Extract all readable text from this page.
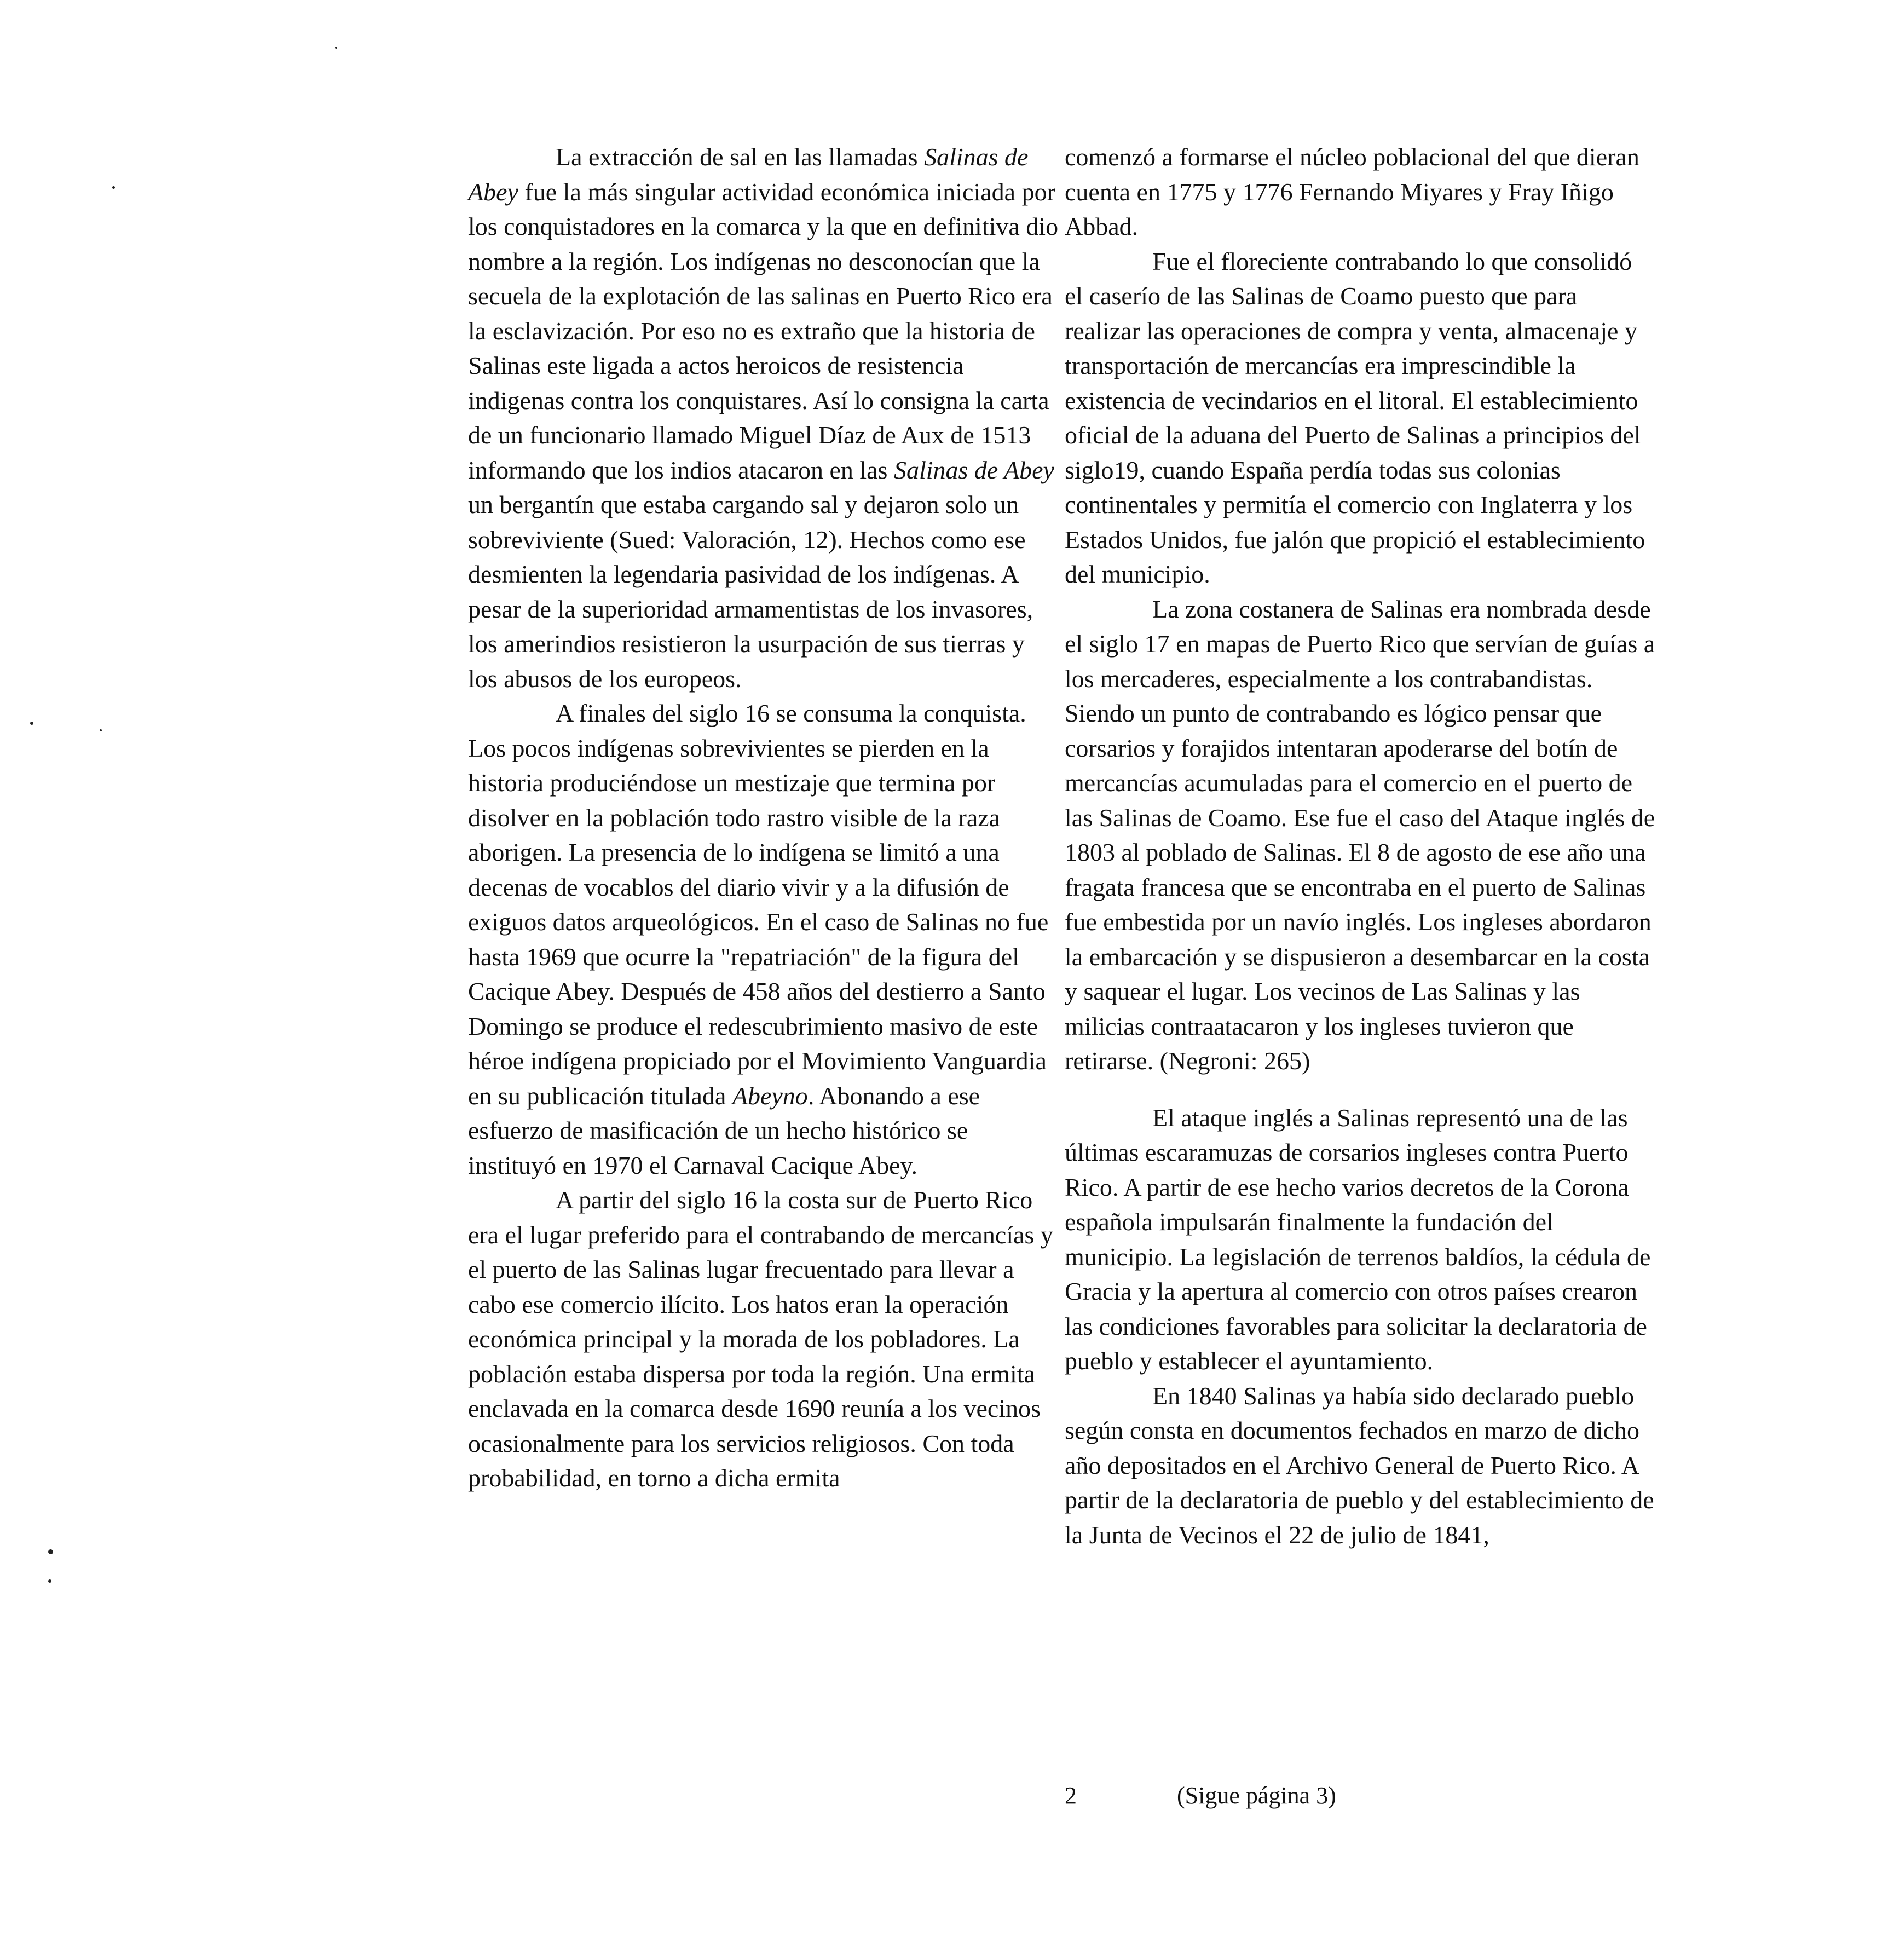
La extracción de sal en las llamadas Salinas de Abey fue la más singular actividad económica iniciada por los conquistadores en la comarca y la que en definitiva dio nombre a la región. Los indígenas no desconocían que la secuela de la explotación de las salinas en Puerto Rico era la esclavización. Por eso no es extraño que la historia de Salinas este ligada a actos heroicos de resistencia indigenas contra los conquistares. Así lo consigna la carta de un funcionario llamado Miguel Díaz de Aux de 1513 informando que los indios atacaron en las Salinas de Abey un bergantín que estaba cargando sal y dejaron solo un sobreviviente (Sued: Valoración, 12). Hechos como ese desmienten la legendaria pasividad de los indígenas. A pesar de la superioridad armamentistas de los invasores, los amerindios resistieron la usurpación de sus tierras y los abusos de los europeos.

A finales del siglo 16 se consuma la conquista. Los pocos indígenas sobrevivientes se pierden en la historia produciéndose un mestizaje que termina por disolver en la población todo rastro visible de la raza aborigen. La presencia de lo indígena se limitó a una decenas de vocablos del diario vivir y a la difusión de exiguos datos arqueológicos. En el caso de Salinas no fue hasta 1969 que ocurre la "repatriación" de la figura del Cacique Abey. Después de 458 años del destierro a Santo Domingo se produce el redescubrimiento masivo de este héroe indígena propiciado por el Movimiento Vanguardia en su publicación titulada Abeyno. Abonando a ese esfuerzo de masificación de un hecho histórico se instituyó en 1970 el Carnaval Cacique Abey.

A partir del siglo 16 la costa sur de Puerto Rico era el lugar preferido para el contrabando de mercancías y el puerto de las Salinas lugar frecuentado para llevar a cabo ese comercio ilícito. Los hatos eran la operación económica principal y la morada de los pobladores. La población estaba dispersa por toda la región. Una ermita enclavada en la comarca desde 1690 reunía a los vecinos ocasionalmente para los servicios religiosos. Con toda probabilidad, en torno a dicha ermita

comenzó a formarse el núcleo poblacional del que dieran cuenta en 1775 y 1776 Fernando Miyares y Fray Iñigo Abbad.

Fue el floreciente contrabando lo que consolidó el caserío de las Salinas de Coamo puesto que para realizar las operaciones de compra y venta, almacenaje y transportación de mercancías era imprescindible la existencia de vecindarios en el litoral. El establecimiento oficial de la aduana del Puerto de Salinas a principios del siglo19, cuando España perdía todas sus colonias continentales y permitía el comercio con Inglaterra y los Estados Unidos, fue jalón que propició el establecimiento del municipio.

La zona costanera de Salinas era nombrada desde el siglo 17 en mapas de Puerto Rico que servían de guías a los mercaderes, especialmente a los contrabandistas. Siendo un punto de contrabando es lógico pensar que corsarios y forajidos intentaran apoderarse del botín de mercancías acumuladas para el comercio en el puerto de las Salinas de Coamo. Ese fue el caso del Ataque inglés de 1803 al poblado de Salinas. El 8 de agosto de ese año una fragata francesa que se encontraba en el puerto de Salinas fue embestida por un navío inglés. Los ingleses abordaron la embarcación y se dispusieron a desembarcar en la costa y saquear el lugar. Los vecinos de Las Salinas y las milicias contraatacaron y los ingleses tuvieron que retirarse. (Negroni: 265)

El ataque inglés a Salinas representó una de las últimas escaramuzas de corsarios ingleses contra Puerto Rico. A partir de ese hecho varios decretos de la Corona española impulsarán finalmente la fundación del municipio. La legislación de terrenos baldíos, la cédula de Gracia y la apertura al comercio con otros países crearon las condiciones favorables para solicitar la declaratoria de pueblo y establecer el ayuntamiento.

En 1840 Salinas ya había sido declarado pueblo según consta en documentos fechados en marzo de dicho año depositados en el Archivo General de Puerto Rico. A partir de la declaratoria de pueblo y del establecimiento de la Junta de Vecinos el 22 de julio de 1841,

2	(Sigue página 3)
